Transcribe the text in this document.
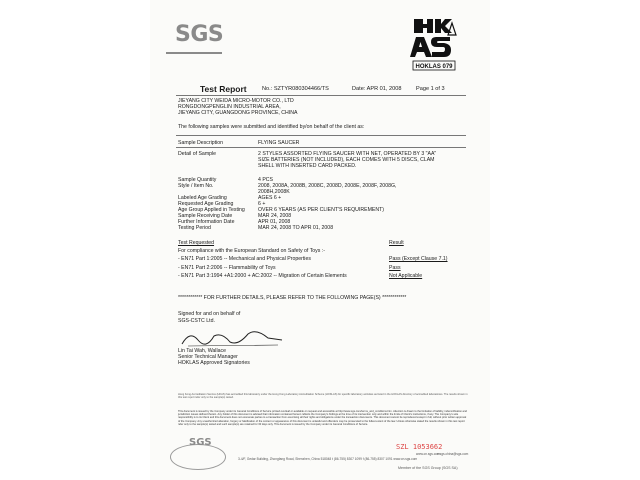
SGS
HOKLAS 079
Test Report	No.: SZTYR080304466/TS	Date: APR 01, 2008	Page 1 of 3
JIEYANG CITY WEIDA MICRO-MOTOR CO., LTD
RONGDONGPENGLIN INDUSTRIAL AREA,
JIEYANG CITY, GUANGDONG PROVINCE, CHINA
The following samples were submitted and identified by/on behalf of the client as:
Sample Description	FLYING SAUCER
Detail of Sample	2 STYLES ASSORTED FLYING SAUCER WITH NET, OPERATED BY 3 "AA"
SIZE BATTERIES (NOT INCLUDED), EACH COMES WITH 5 DISCS, CLAM
SHELL WITH INSERTED CARD PACKED.
Sample Quantity	4 PCS
Style / Item No.	2008, 2008A, 2008B, 2008C, 2008D, 2008E, 2008F, 2008G,
2008H,2008K
Labeled Age Grading	AGES 6 +
Requested Age Grading	6 +
Age Group Applied in Testing	OVER 6 YEARS (AS PER CLIENT'S REQUIREMENT)
Sample Receiving Date	MAR 24, 2008
Further Information Date	APR 01, 2008
Testing Period	MAR 24, 2008 TO APR 01, 2008
Test Requested	Result
For compliance with the European Standard on Safety of Toys :-
- EN71 Part 1:2005 -- Mechanical and Physical Properties	Pass (Except Clause 7.1)
- EN71 Part 2:2006 -- Flammability of Toys	Pass
- EN71 Part 3:1994 +A1:2000 + AC:2002 -- Migration of Certain Elements	Not Applicable
************ FOR FURTHER DETAILS, PLEASE REFER TO THE FOLLOWING PAGE(S) ************
Signed for and on behalf of
SGS-CSTC Ltd.
Lin Tai Wah, Wallace
Senior Technical Manager
HOKLAS Approved Signatories
Hong Kong Accreditation Service (HKAS) has accredited this laboratory under the Hong Kong Laboratory Accreditation Scheme (HOKLAS) for specific laboratory activities as listed in the HOKLAS directory of accredited laboratories. The results shown in this test report refer only to the sample(s) tested.
This document is issued by the Company under its General Conditions of Service printed overleaf or available on request and accessible at http://www.sgs.com/terms_and_conditions.htm. Attention is drawn to the limitation of liability, indemnification and jurisdiction issues defined therein. Any holder of this document is advised that information contained hereon reflects the Company's findings at the time of its intervention only and within the limits of Client's instructions, if any. The Company's sole responsibility is to its Client and this document does not exonerate parties to a transaction from exercising all their rights and obligations under the transaction documents. This document cannot be reproduced except in full, without prior written approval of the Company. Any unauthorized alteration, forgery or falsification of the content or appearance of this document is unlawful and offenders may be prosecuted to the fullest extent of the law. Unless otherwise stated the results shown in this test report refer only to the sample(s) tested and such sample(s) are retained for 30 days only. This document is issued by the Company under its General Conditions of Service.
SGS
3-4/F, Gedar Building, Zhongfang Road, Shenzhen, China 518048 t (86-755) 8307 1099 f (86-755) 8307 1091 www.cn.sgs.com
www.cn.sgs.com
e sgs.china@sgs.com
SZL 1053662
Member of the SGS Group (SGS SA)
